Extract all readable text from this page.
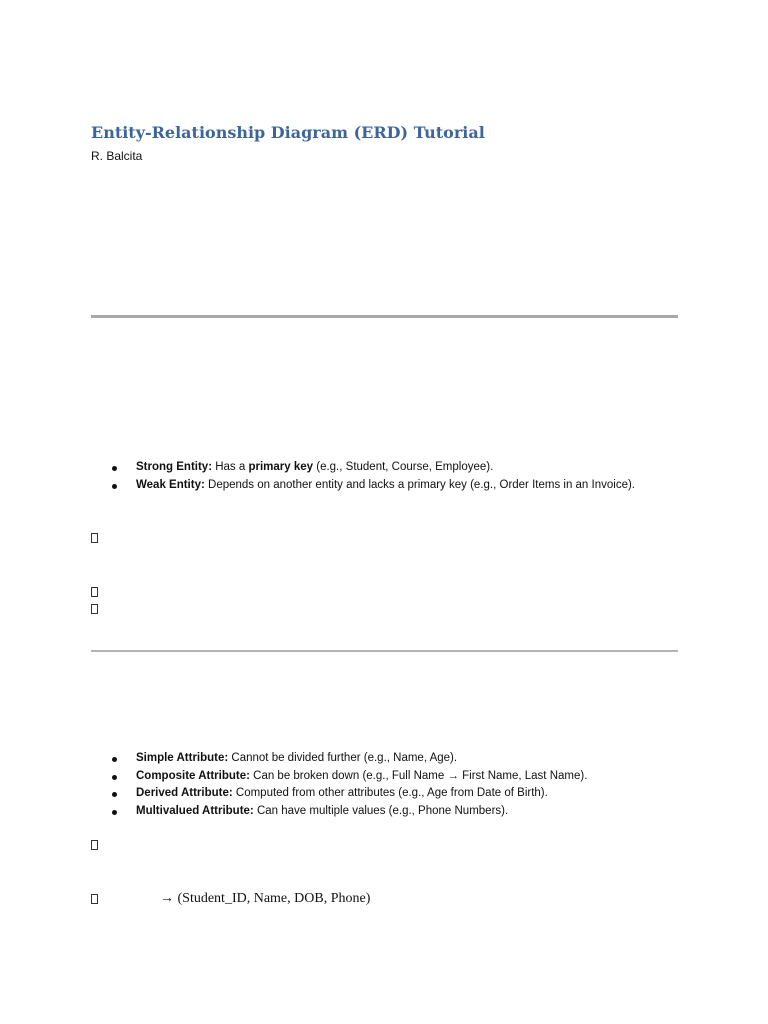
Entity-Relationship Diagram (ERD) Tutorial
R. Balcita
Strong Entity: Has a primary key (e.g., Student, Course, Employee).
Weak Entity: Depends on another entity and lacks a primary key (e.g., Order Items in an Invoice).
Simple Attribute: Cannot be divided further (e.g., Name, Age).
Composite Attribute: Can be broken down (e.g., Full Name → First Name, Last Name).
Derived Attribute: Computed from other attributes (e.g., Age from Date of Birth).
Multivalued Attribute: Can have multiple values (e.g., Phone Numbers).
→ (Student_ID, Name, DOB, Phone)
